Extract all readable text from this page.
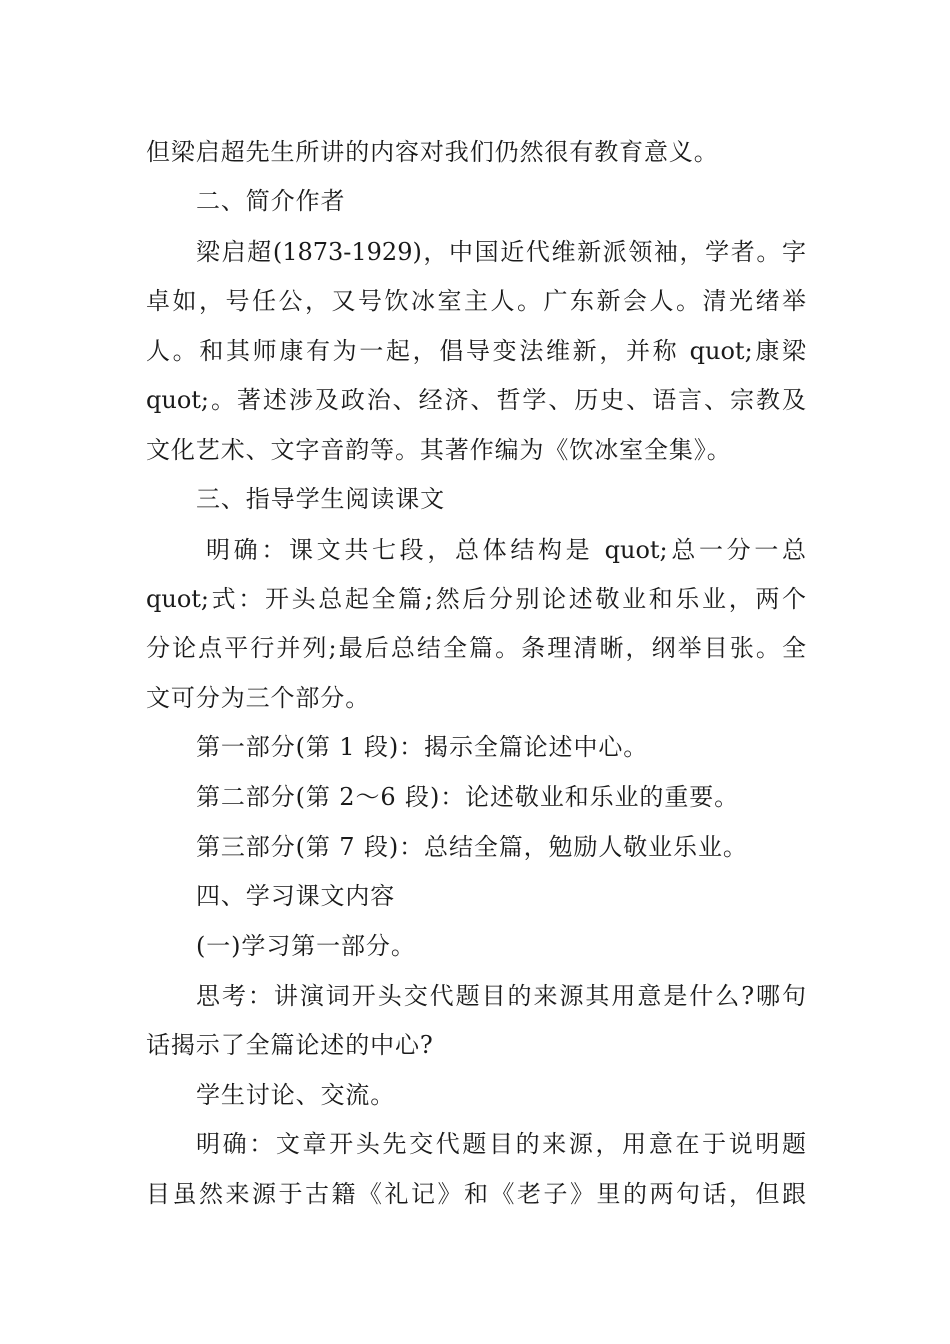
但梁启超先生所讲的内容对我们仍然很有教育意义。
二、简介作者
梁启超(1873-1929)，中国近代维新派领袖，学者。字
卓如，号任公，又号饮冰室主人。广东新会人。清光绪举
人。和其师康有为一起，倡导变法维新，并称 quot;康梁
quot;。著述涉及政治、经济、哲学、历史、语言、宗教及
文化艺术、文字音韵等。其著作编为《饮冰室全集》。
三、指导学生阅读课文
明确：课文共七段，总体结构是 quot;总一分一总
quot;式：开头总起全篇;然后分别论述敬业和乐业，两个
分论点平行并列;最后总结全篇。条理清晰，纲举目张。全
文可分为三个部分。
第一部分(第 1 段)：揭示全篇论述中心。
第二部分(第 2～6 段)：论述敬业和乐业的重要。
第三部分(第 7 段)：总结全篇，勉励人敬业乐业。
四、学习课文内容
(一)学习第一部分。
思考：讲演词开头交代题目的来源其用意是什么?哪句
话揭示了全篇论述的中心?
学生讨论、交流。
明确：文章开头先交代题目的来源，用意在于说明题
目虽然来源于古籍《礼记》和《老子》里的两句话，但跟
